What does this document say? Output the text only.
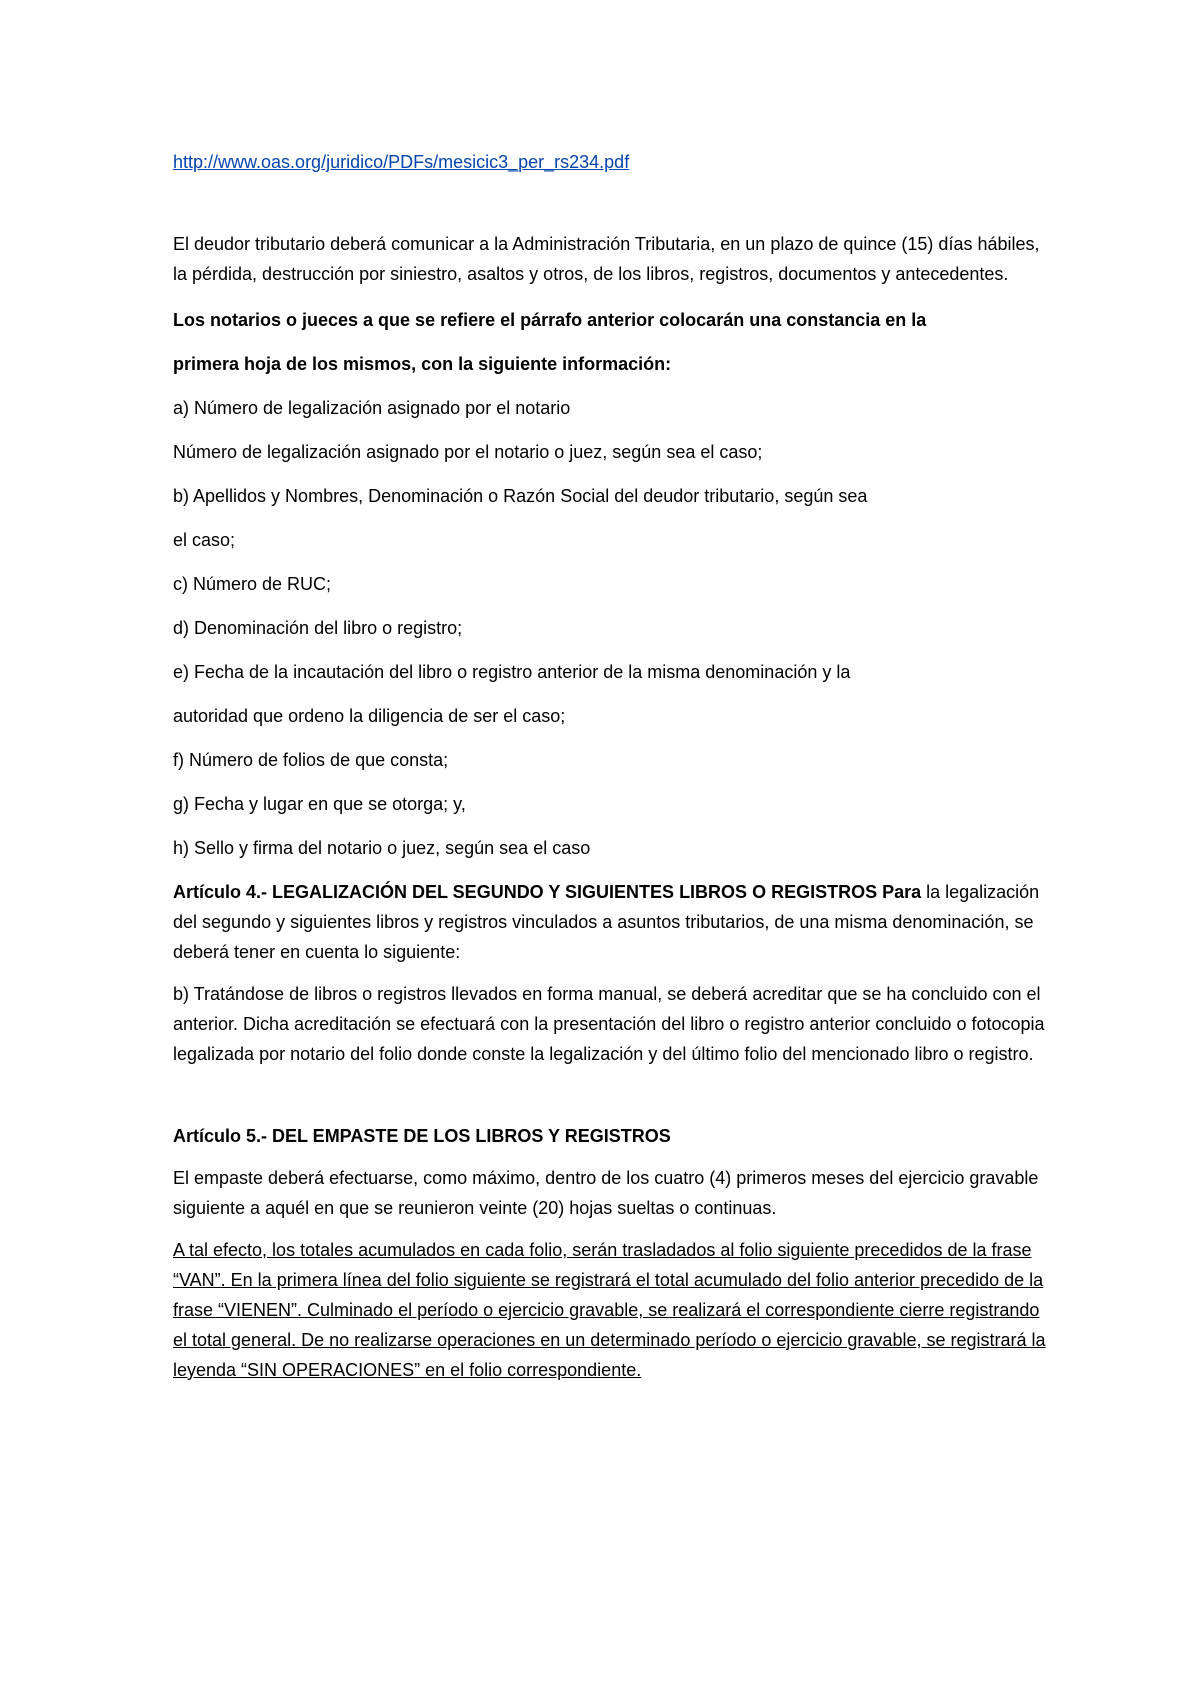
http://www.oas.org/juridico/PDFs/mesicic3_per_rs234.pdf

El deudor tributario deberá comunicar a la Administración Tributaria, en un plazo de quince (15) días hábiles, la pérdida, destrucción por siniestro, asaltos y otros, de los libros, registros, documentos y antecedentes.

Los notarios o jueces a que se refiere el párrafo anterior colocarán una constancia en la

primera hoja de los mismos, con la siguiente información:

a) Número de legalización asignado por el notario

Número de legalización asignado por el notario o juez, según sea el caso;

b) Apellidos y Nombres, Denominación o Razón Social del deudor tributario, según sea

el caso;

c) Número de RUC;

d) Denominación del libro o registro;

e) Fecha de la incautación del libro o registro anterior de la misma denominación y la

autoridad que ordeno la diligencia de ser el caso;

f) Número de folios de que consta;

g) Fecha y lugar en que se otorga; y,

h) Sello y firma del notario o juez, según sea el caso

Artículo 4.- LEGALIZACIÓN DEL SEGUNDO Y SIGUIENTES LIBROS O REGISTROS Para la legalización del segundo y siguientes libros y registros vinculados a asuntos tributarios, de una misma denominación, se deberá tener en cuenta lo siguiente:

b) Tratándose de libros o registros llevados en forma manual, se deberá acreditar que se ha concluido con el anterior. Dicha acreditación se efectuará con la presentación del libro o registro anterior concluido o fotocopia legalizada por notario del folio donde conste la legalización y del último folio del mencionado libro o registro.

Artículo 5.- DEL EMPASTE DE LOS LIBROS Y REGISTROS

El empaste deberá efectuarse, como máximo, dentro de los cuatro (4) primeros meses del ejercicio gravable siguiente a aquél en que se reunieron veinte (20) hojas sueltas o continuas.

A tal efecto, los totales acumulados en cada folio, serán trasladados al folio siguiente precedidos de la frase “VAN”. En la primera línea del folio siguiente se registrará el total acumulado del folio anterior precedido de la frase “VIENEN”. Culminado el período o ejercicio gravable, se realizará el correspondiente cierre registrando el total general. De no realizarse operaciones en un determinado período o ejercicio gravable, se registrará la leyenda “SIN OPERACIONES” en el folio correspondiente.
